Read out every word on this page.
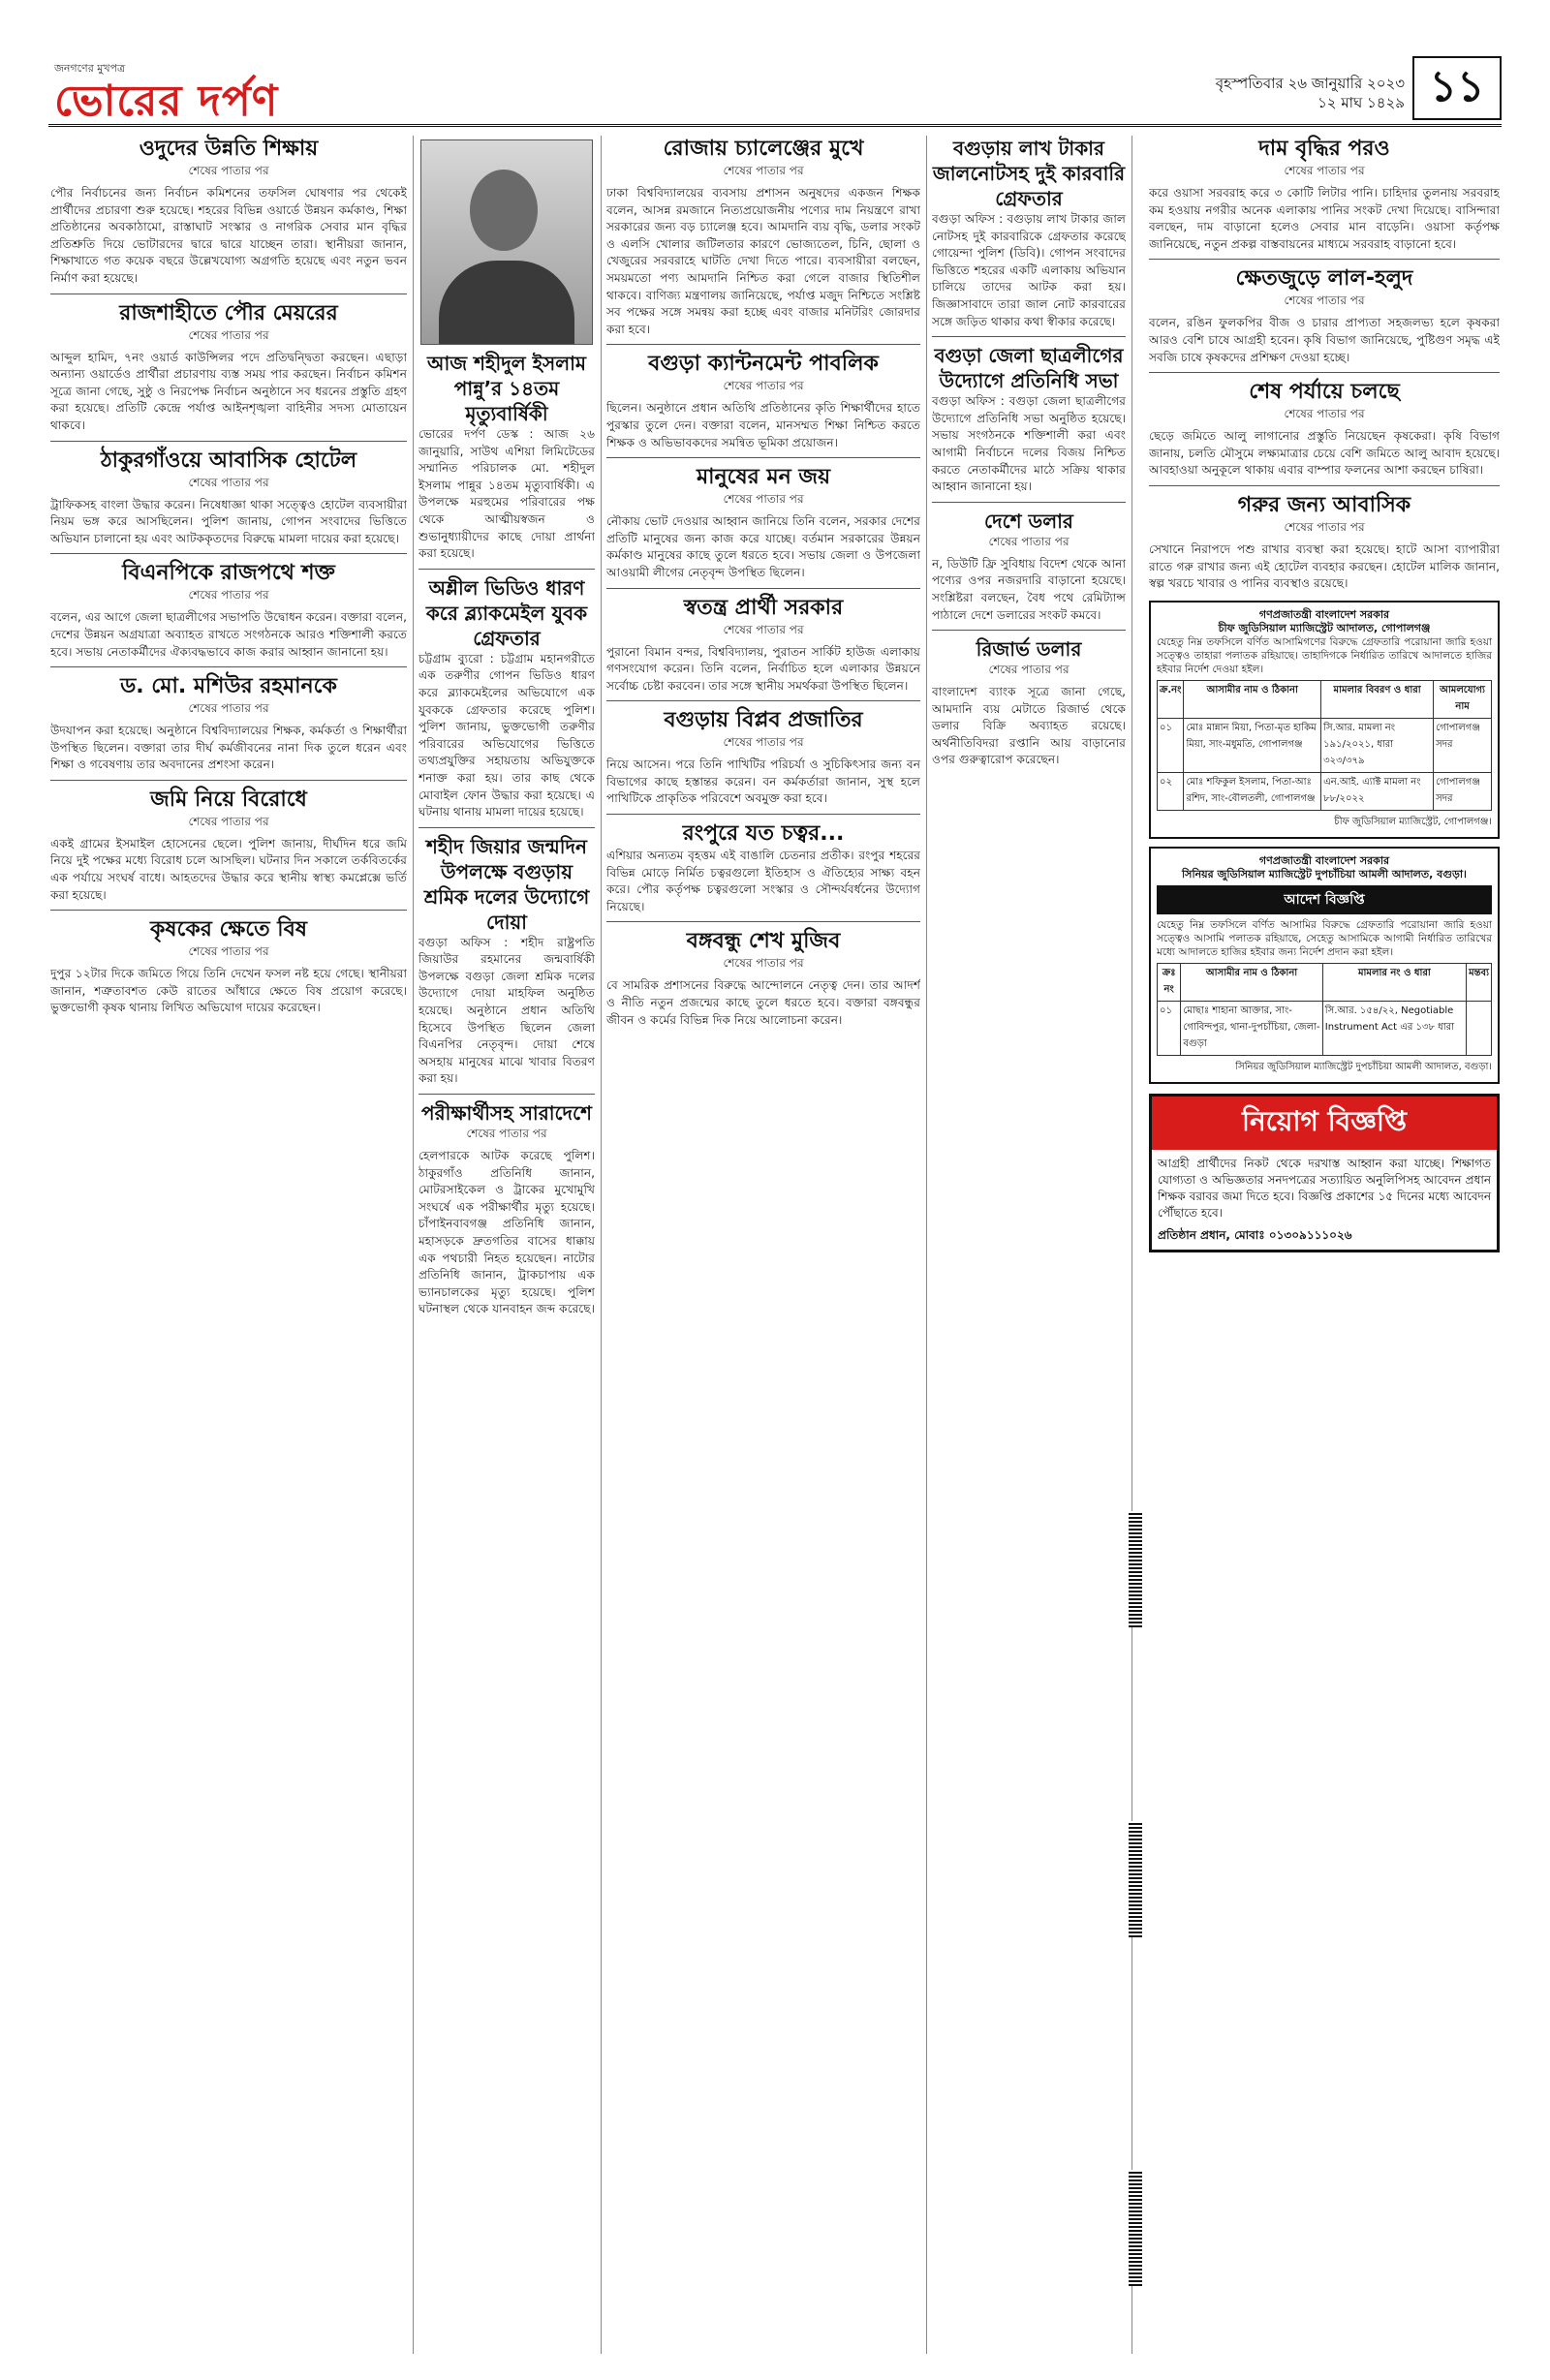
জনগণের মুখপত্র
ভোরের দর্পণ	বৃহস্পতিবার ২৬ জানুয়ারি ২০২৩
১২ মাঘ ১৪২৯ ১১
ওদুদের উন্নতি শিক্ষায়
শেষের পাতার পর

পৌর নির্বাচনের জন্য নির্বাচন কমিশনের তফসিল ঘোষণার পর থেকেই প্রার্থীদের প্রচারণা শুরু হয়েছে। শহরের বিভিন্ন ওয়ার্ডে উন্নয়ন কর্মকাণ্ড, শিক্ষা প্রতিষ্ঠানের অবকাঠামো, রাস্তাঘাট সংস্কার ও নাগরিক সেবার মান বৃদ্ধির প্রতিশ্রুতি দিয়ে ভোটারদের দ্বারে দ্বারে যাচ্ছেন তারা। স্থানীয়রা জানান, শিক্ষাখাতে গত কয়েক বছরে উল্লেখযোগ্য অগ্রগতি হয়েছে এবং নতুন ভবন নির্মাণ করা হয়েছে।

রাজশাহীতে পৌর মেয়রের
শেষের পাতার পর

আব্দুল হামিদ, ৭নং ওয়ার্ড কাউন্সিলর পদে প্রতিদ্বন্দ্বিতা করছেন। এছাড়া অন্যান্য ওয়ার্ডেও প্রার্থীরা প্রচারণায় ব্যস্ত সময় পার করছেন। নির্বাচন কমিশন সূত্রে জানা গেছে, সুষ্ঠু ও নিরপেক্ষ নির্বাচন অনুষ্ঠানে সব ধরনের প্রস্তুতি গ্রহণ করা হয়েছে। প্রতিটি কেন্দ্রে পর্যাপ্ত আইনশৃঙ্খলা বাহিনীর সদস্য মোতায়েন থাকবে।

ঠাকুরগাঁওয়ে আবাসিক হোটেল
শেষের পাতার পর

ট্রাফিকসহ বাংলা উদ্ধার করেন। নিষেধাজ্ঞা থাকা সত্ত্বেও হোটেল ব্যবসায়ীরা নিয়ম ভঙ্গ করে আসছিলেন। পুলিশ জানায়, গোপন সংবাদের ভিত্তিতে অভিযান চালানো হয় এবং আটককৃতদের বিরুদ্ধে মামলা দায়ের করা হয়েছে।

বিএনপিকে রাজপথে শক্ত
শেষের পাতার পর

বলেন, এর আগে জেলা ছাত্রলীগের সভাপতি উদ্বোধন করেন। বক্তারা বলেন, দেশের উন্নয়ন অগ্রযাত্রা অব্যাহত রাখতে সংগঠনকে আরও শক্তিশালী করতে হবে। সভায় নেতাকর্মীদের ঐক্যবদ্ধভাবে কাজ করার আহ্বান জানানো হয়।

ড. মো. মশিউর রহমানকে
শেষের পাতার পর

উদযাপন করা হয়েছে। অনুষ্ঠানে বিশ্ববিদ্যালয়ের শিক্ষক, কর্মকর্তা ও শিক্ষার্থীরা উপস্থিত ছিলেন। বক্তারা তার দীর্ঘ কর্মজীবনের নানা দিক তুলে ধরেন এবং শিক্ষা ও গবেষণায় তার অবদানের প্রশংসা করেন।

জমি নিয়ে বিরোধে
শেষের পাতার পর

একই গ্রামের ইসমাইল হোসেনের ছেলে। পুলিশ জানায়, দীর্ঘদিন ধরে জমি নিয়ে দুই পক্ষের মধ্যে বিরোধ চলে আসছিল। ঘটনার দিন সকালে তর্কবিতর্কের এক পর্যায়ে সংঘর্ষ বাধে। আহতদের উদ্ধার করে স্থানীয় স্বাস্থ্য কমপ্লেক্সে ভর্তি করা হয়েছে।

কৃষকের ক্ষেতে বিষ
শেষের পাতার পর

দুপুর ১২টার দিকে জমিতে গিয়ে তিনি দেখেন ফসল নষ্ট হয়ে গেছে। স্থানীয়রা জানান, শত্রুতাবশত কেউ রাতের আঁধারে ক্ষেতে বিষ প্রয়োগ করেছে। ভুক্তভোগী কৃষক থানায় লিখিত অভিযোগ দায়ের করেছেন।

আজ শহীদুল ইসলাম পান্নু’র ১৪তম মৃত্যুবার্ষিকী

ভোরের দর্পণ ডেস্ক : আজ ২৬ জানুয়ারি, সাউথ এশিয়া লিমিটেডের সম্মানিত পরিচালক মো. শহীদুল ইসলাম পান্নুর ১৪তম মৃত্যুবার্ষিকী। এ উপলক্ষে মরহুমের পরিবারের পক্ষ থেকে আত্মীয়স্বজন ও শুভানুধ্যায়ীদের কাছে দোয়া প্রার্থনা করা হয়েছে।

অশ্লীল ভিডিও ধারণ করে ব্ল্যাকমেইল যুবক গ্রেফতার

চট্টগ্রাম ব্যুরো : চট্টগ্রাম মহানগরীতে এক তরুণীর গোপন ভিডিও ধারণ করে ব্ল্যাকমেইলের অভিযোগে এক যুবককে গ্রেফতার করেছে পুলিশ। পুলিশ জানায়, ভুক্তভোগী তরুণীর পরিবারের অভিযোগের ভিত্তিতে তথ্যপ্রযুক্তির সহায়তায় অভিযুক্তকে শনাক্ত করা হয়। তার কাছ থেকে মোবাইল ফোন উদ্ধার করা হয়েছে। এ ঘটনায় থানায় মামলা দায়ের হয়েছে।

শহীদ জিয়ার জন্মদিন উপলক্ষে বগুড়ায় শ্রমিক দলের উদ্যোগে দোয়া

বগুড়া অফিস : শহীদ রাষ্ট্রপতি জিয়াউর রহমানের জন্মবার্ষিকী উপলক্ষে বগুড়া জেলা শ্রমিক দলের উদ্যোগে দোয়া মাহফিল অনুষ্ঠিত হয়েছে। অনুষ্ঠানে প্রধান অতিথি হিসেবে উপস্থিত ছিলেন জেলা বিএনপির নেতৃবৃন্দ। দোয়া শেষে অসহায় মানুষের মাঝে খাবার বিতরণ করা হয়।

পরীক্ষার্থীসহ সারাদেশে
শেষের পাতার পর

হেলপারকে আটক করেছে পুলিশ। ঠাকুরগাঁও প্রতিনিধি জানান, মোটরসাইকেল ও ট্রাকের মুখোমুখি সংঘর্ষে এক পরীক্ষার্থীর মৃত্যু হয়েছে। চাঁপাইনবাবগঞ্জ প্রতিনিধি জানান, মহাসড়কে দ্রুতগতির বাসের ধাক্কায় এক পথচারী নিহত হয়েছেন। নাটোর প্রতিনিধি জানান, ট্রাকচাপায় এক ভ্যানচালকের মৃত্যু হয়েছে। পুলিশ ঘটনাস্থল থেকে যানবাহন জব্দ করেছে।

রোজায় চ্যালেঞ্জের মুখে
শেষের পাতার পর

ঢাকা বিশ্ববিদ্যালয়ের ব্যবসায় প্রশাসন অনুষদের একজন শিক্ষক বলেন, আসন্ন রমজানে নিত্যপ্রয়োজনীয় পণ্যের দাম নিয়ন্ত্রণে রাখা সরকারের জন্য বড় চ্যালেঞ্জ হবে। আমদানি ব্যয় বৃদ্ধি, ডলার সংকট ও এলসি খোলার জটিলতার কারণে ভোজ্যতেল, চিনি, ছোলা ও খেজুরের সরবরাহে ঘাটতি দেখা দিতে পারে। ব্যবসায়ীরা বলছেন, সময়মতো পণ্য আমদানি নিশ্চিত করা গেলে বাজার স্থিতিশীল থাকবে। বাণিজ্য মন্ত্রণালয় জানিয়েছে, পর্যাপ্ত মজুদ নিশ্চিতে সংশ্লিষ্ট সব পক্ষের সঙ্গে সমন্বয় করা হচ্ছে এবং বাজার মনিটরিং জোরদার করা হবে।

বগুড়া ক্যান্টনমেন্ট পাবলিক
শেষের পাতার পর

ছিলেন। অনুষ্ঠানে প্রধান অতিথি প্রতিষ্ঠানের কৃতি শিক্ষার্থীদের হাতে পুরস্কার তুলে দেন। বক্তারা বলেন, মানসম্মত শিক্ষা নিশ্চিত করতে শিক্ষক ও অভিভাবকদের সমন্বিত ভূমিকা প্রয়োজন।

মানুষের মন জয়
শেষের পাতার পর

নৌকায় ভোট দেওয়ার আহ্বান জানিয়ে তিনি বলেন, সরকার দেশের প্রতিটি মানুষের জন্য কাজ করে যাচ্ছে। বর্তমান সরকারের উন্নয়ন কর্মকাণ্ড মানুষের কাছে তুলে ধরতে হবে। সভায় জেলা ও উপজেলা আওয়ামী লীগের নেতৃবৃন্দ উপস্থিত ছিলেন।

স্বতন্ত্র প্রার্থী সরকার
শেষের পাতার পর

পুরানো বিমান বন্দর, বিশ্ববিদ্যালয়, পুরাতন সার্কিট হাউজ এলাকায় গণসংযোগ করেন। তিনি বলেন, নির্বাচিত হলে এলাকার উন্নয়নে সর্বোচ্চ চেষ্টা করবেন। তার সঙ্গে স্থানীয় সমর্থকরা উপস্থিত ছিলেন।

বগুড়ায় বিপ্লব প্রজাতির
শেষের পাতার পর

নিয়ে আসেন। পরে তিনি পাখিটির পরিচর্যা ও সুচিকিৎসার জন্য বন বিভাগের কাছে হস্তান্তর করেন। বন কর্মকর্তারা জানান, সুস্থ হলে পাখিটিকে প্রাকৃতিক পরিবেশে অবমুক্ত করা হবে।

রংপুরে যত চত্বর...

এশিয়ার অন্যতম বৃহত্তম এই বাঙালি চেতনার প্রতীক। রংপুর শহরের বিভিন্ন মোড়ে নির্মিত চত্বরগুলো ইতিহাস ও ঐতিহ্যের সাক্ষ্য বহন করে। পৌর কর্তৃপক্ষ চত্বরগুলো সংস্কার ও সৌন্দর্যবর্ধনের উদ্যোগ নিয়েছে।

বঙ্গবন্ধু শেখ মুজিব
শেষের পাতার পর

বে সামরিক প্রশাসনের বিরুদ্ধে আন্দোলনে নেতৃত্ব দেন। তার আদর্শ ও নীতি নতুন প্রজন্মের কাছে তুলে ধরতে হবে। বক্তারা বঙ্গবন্ধুর জীবন ও কর্মের বিভিন্ন দিক নিয়ে আলোচনা করেন।

বগুড়ায় লাখ টাকার জালনোটসহ দুই কারবারি গ্রেফতার

বগুড়া অফিস : বগুড়ায় লাখ টাকার জাল নোটসহ দুই কারবারিকে গ্রেফতার করেছে গোয়েন্দা পুলিশ (ডিবি)। গোপন সংবাদের ভিত্তিতে শহরের একটি এলাকায় অভিযান চালিয়ে তাদের আটক করা হয়। জিজ্ঞাসাবাদে তারা জাল নোট কারবারের সঙ্গে জড়িত থাকার কথা স্বীকার করেছে।

বগুড়া জেলা ছাত্রলীগের উদ্যোগে প্রতিনিধি সভা

বগুড়া অফিস : বগুড়া জেলা ছাত্রলীগের উদ্যোগে প্রতিনিধি সভা অনুষ্ঠিত হয়েছে। সভায় সংগঠনকে শক্তিশালী করা এবং আগামী নির্বাচনে দলের বিজয় নিশ্চিত করতে নেতাকর্মীদের মাঠে সক্রিয় থাকার আহ্বান জানানো হয়।

দেশে ডলার
শেষের পাতার পর

ন, ডিউটি ফ্রি সুবিধায় বিদেশ থেকে আনা পণ্যের ওপর নজরদারি বাড়ানো হয়েছে। সংশ্লিষ্টরা বলছেন, বৈধ পথে রেমিট্যান্স পাঠালে দেশে ডলারের সংকট কমবে।

রিজার্ভ ডলার
শেষের পাতার পর

বাংলাদেশ ব্যাংক সূত্রে জানা গেছে, আমদানি ব্যয় মেটাতে রিজার্ভ থেকে ডলার বিক্রি অব্যাহত রয়েছে। অর্থনীতিবিদরা রপ্তানি আয় বাড়ানোর ওপর গুরুত্বারোপ করেছেন।

দাম বৃদ্ধির পরও
শেষের পাতার পর

করে ওয়াসা সরবরাহ করে ৩ কোটি লিটার পানি। চাহিদার তুলনায় সরবরাহ কম হওয়ায় নগরীর অনেক এলাকায় পানির সংকট দেখা দিয়েছে। বাসিন্দারা বলছেন, দাম বাড়ানো হলেও সেবার মান বাড়েনি। ওয়াসা কর্তৃপক্ষ জানিয়েছে, নতুন প্রকল্প বাস্তবায়নের মাধ্যমে সরবরাহ বাড়ানো হবে।

ক্ষেতজুড়ে লাল-হলুদ
শেষের পাতার পর

বলেন, রঙিন ফুলকপির বীজ ও চারার প্রাপ্যতা সহজলভ্য হলে কৃষকরা আরও বেশি চাষে আগ্রহী হবেন। কৃষি বিভাগ জানিয়েছে, পুষ্টিগুণ সমৃদ্ধ এই সবজি চাষে কৃষকদের প্রশিক্ষণ দেওয়া হচ্ছে।

শেষ পর্যায়ে চলছে
শেষের পাতার পর

ছেড়ে জমিতে আলু লাগানোর প্রস্তুতি নিয়েছেন কৃষকেরা। কৃষি বিভাগ জানায়, চলতি মৌসুমে লক্ষ্যমাত্রার চেয়ে বেশি জমিতে আলু আবাদ হয়েছে। আবহাওয়া অনুকূলে থাকায় এবার বাম্পার ফলনের আশা করছেন চাষিরা।

গরুর জন্য আবাসিক
শেষের পাতার পর

সেখানে নিরাপদে পশু রাখার ব্যবস্থা করা হয়েছে। হাটে আসা ব্যাপারীরা রাতে গরু রাখার জন্য এই হোটেল ব্যবহার করছেন। হোটেল মালিক জানান, স্বল্প খরচে খাবার ও পানির ব্যবস্থাও রয়েছে।

গণপ্রজাতন্ত্রী বাংলাদেশ সরকার
চীফ জুডিসিয়াল ম্যাজিস্ট্রেট আদালত, গোপালগঞ্জ

যেহেতু নিম্ন তফসিলে বর্ণিত আসামিগণের বিরুদ্ধে গ্রেফতারি পরোয়ানা জারি হওয়া সত্ত্বেও তাহারা পলাতক রহিয়াছে। তাহাদিগকে নির্ধারিত তারিখে আদালতে হাজির হইবার নির্দেশ দেওয়া হইল।

ক্র.নং	আসামীর নাম ও ঠিকানা	মামলার বিবরণ ও ধারা	আমলযোগ্য নাম
০১	মোঃ মান্নান মিয়া, পিতা-মৃত হাকিম মিয়া, সাং-মধুমতি, গোপালগঞ্জ	সি.আর. মামলা নং ১৯১/২০২১, ধারা ৩২৩/৩৭৯	গোপালগঞ্জ সদর
০২	মোঃ শফিকুল ইসলাম, পিতা-আঃ রশিদ, সাং-বৌলতলী, গোপালগঞ্জ	এন.আই. এ্যাক্ট মামলা নং ৮৮/২০২২	গোপালগঞ্জ সদর
চীফ জুডিসিয়াল ম্যাজিস্ট্রেট, গোপালগঞ্জ।
গণপ্রজাতন্ত্রী বাংলাদেশ সরকার
সিনিয়র জুডিসিয়াল ম্যাজিস্ট্রেট দুপচাঁচিয়া আমলী আদালত, বগুড়া।
আদেশ বিজ্ঞপ্তি

যেহেতু নিম্ন তফসিলে বর্ণিত আসামির বিরুদ্ধে গ্রেফতারি পরোয়ানা জারি হওয়া সত্ত্বেও আসামি পলাতক রহিয়াছে, সেহেতু আসামিকে আগামী নির্ধারিত তারিখের মধ্যে আদালতে হাজির হইবার জন্য নির্দেশ প্রদান করা হইল।

ক্রঃ নং	আসামীর নাম ও ঠিকানা	মামলার নং ও ধারা	মন্তব্য
০১	মোছাঃ শাহানা আক্তার, সাং-গোবিন্দপুর, থানা-দুপচাঁচিয়া, জেলা-বগুড়া	সি.আর. ১৫৪/২২, Negotiable Instrument Act এর ১৩৮ ধারা	
সিনিয়র জুডিসিয়াল ম্যাজিস্ট্রেট দুপচাঁচিয়া আমলী আদালত, বগুড়া।
নিয়োগ বিজ্ঞপ্তি
আগ্রহী প্রার্থীদের নিকট থেকে দরখাস্ত আহ্বান করা যাচ্ছে। শিক্ষাগত যোগ্যতা ও অভিজ্ঞতার সনদপত্রের সত্যায়িত অনুলিপিসহ আবেদন প্রধান শিক্ষক বরাবর জমা দিতে হবে। বিজ্ঞপ্তি প্রকাশের ১৫ দিনের মধ্যে আবেদন পৌঁছাতে হবে।
প্রতিষ্ঠান প্রধান, মোবাঃ ০১৩০৯১১১০২৬
